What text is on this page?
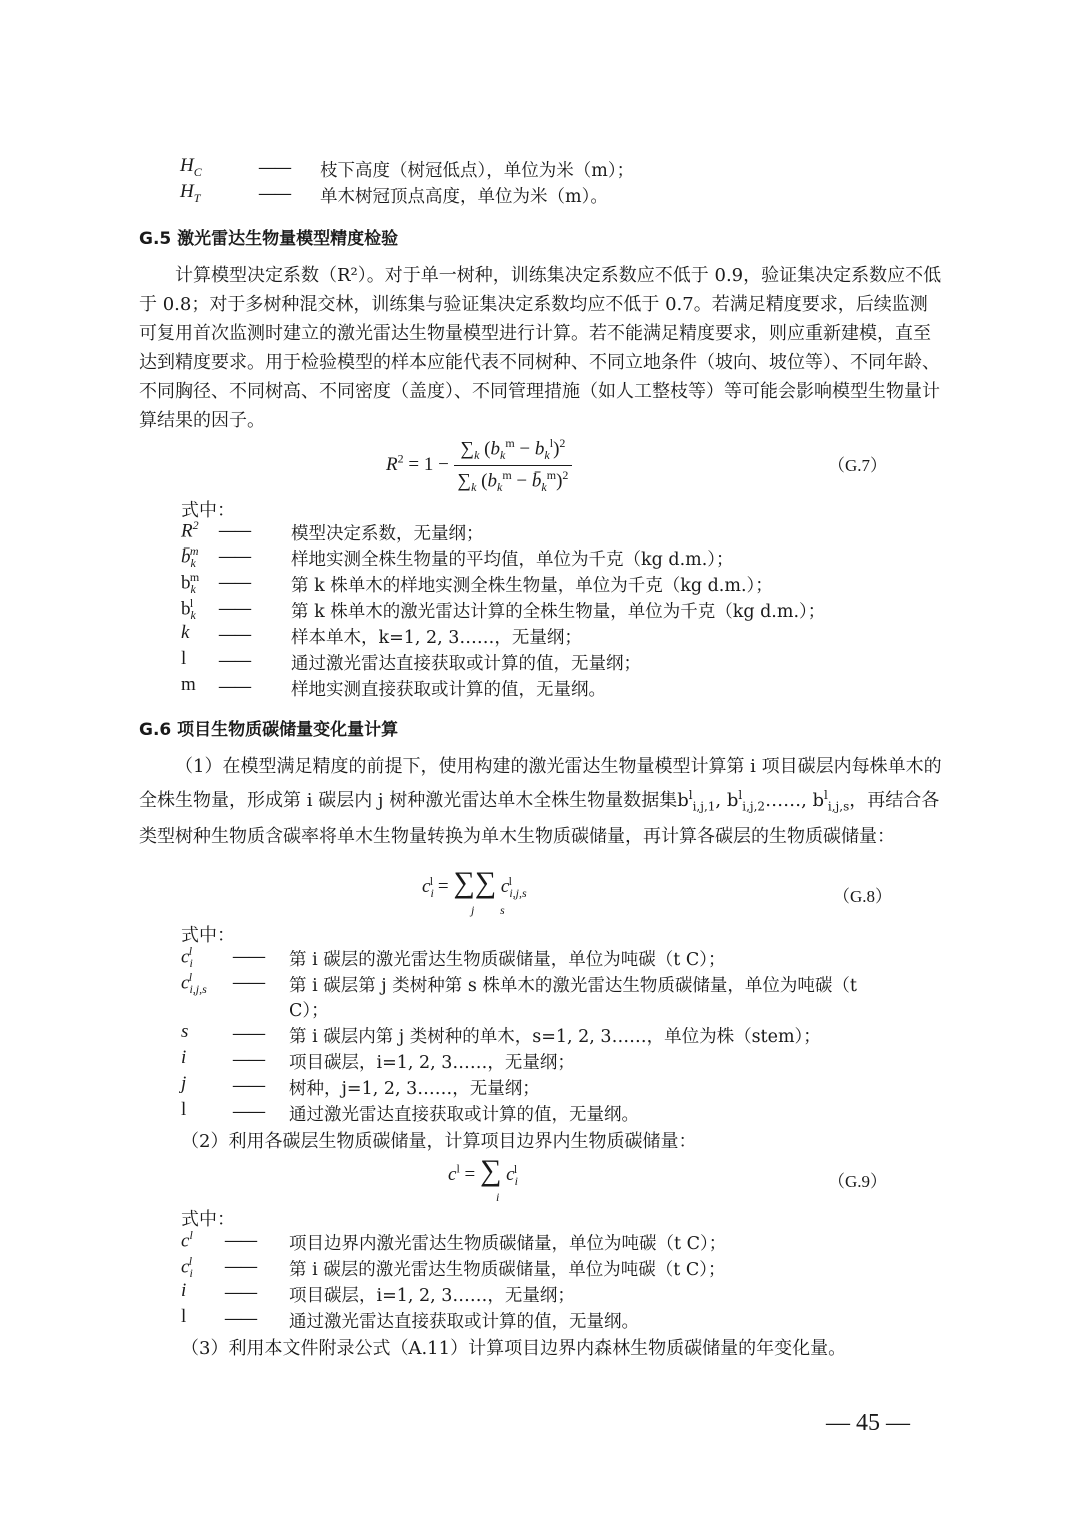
$H_C$	—— 枝下高度（树冠低点），单位为米（m）；
$H_T$	—— 单木树冠顶点高度，单位为米（m）。
G.5 激光雷达生物量模型精度检验

计算模型决定系数（R²）。对于单一树种，训练集决定系数应不低于 0.9，验证集决定系数应不低于 0.8；对于多树种混交林，训练集与验证集决定系数均应不低于 0.7。若满足精度要求，后续监测可复用首次监测时建立的激光雷达生物量模型进行计算。若不能满足精度要求，则应重新建模，直至达到精度要求。用于检验模型的样本应能代表不同树种、不同立地条件（坡向、坡位等）、不同年龄、不同胸径、不同树高、不同密度（盖度）、不同管理措施（如人工整枝等）等可能会影响模型生物量计算结果的因子。

$R^2 = 1 - \frac{\sum_k (b_k^m - b_k^l)^2}{\sum_k (b_k^m - b̄_k^m)^2}$	（G.7）
式中：
$R^2$ —— 模型决定系数，无量纲；
$b̄_k^m$ —— 样地实测全株生物量的平均值，单位为千克（kg d.m.）；
$b_k^m$ —— 第 k 株单木的样地实测全株生物量，单位为千克（kg d.m.）；
$b_k^l$ —— 第 k 株单木的激光雷达计算的全株生物量，单位为千克（kg d.m.）；
k —— 样本单木，k=1, 2, 3……，无量纲；
l —— 通过激光雷达直接获取或计算的值，无量纲；
m —— 样地实测直接获取或计算的值，无量纲。
G.6 项目生物质碳储量变化量计算

（1）在模型满足精度的前提下，使用构建的激光雷达生物量模型计算第 i 项目碳层内每株单木的全株生物量，形成第 i 碳层内 j 树种激光雷达单木全株生物量数据集$b^l_{i,j,1}$, $b^l_{i,j,2}\dots\dots$, $b^l_{i,j,s}$，再结合各类型树种生物质含碳率将单木生物量转换为单木生物质碳储量，再计算各碳层的生物质碳储量：

$c_i^l$ = ∑∑ $c_{i,j,s}^l$
j s
（G.8）
式中：
$c_i^l$ —— 第 i 碳层的激光雷达生物质碳储量，单位为吨碳（t C）；
$c_{i,j,s}^l$ —— 第 i 碳层第 j 类树种第 s 株单木的激光雷达生物质碳储量，单位为吨碳（t
C）；
s —— 第 i 碳层内第 j 类树种的单木，s=1, 2, 3……，单位为株（stem）；
i	—— 项目碳层，i=1, 2, 3……，无量纲；
j	—— 树种，j=1, 2, 3……，无量纲；
l	—— 通过激光雷达直接获取或计算的值，无量纲。
（2）利用各碳层生物质碳储量，计算项目边界内生物质碳储量：
$c^l$ = ∑ $c_i^l$
i
（G.9）
式中：
$c^l$ —— 项目边界内激光雷达生物质碳储量，单位为吨碳（t C）；
$c_i^l$ —— 第 i 碳层的激光雷达生物质碳储量，单位为吨碳（t C）；
i —— 项目碳层，i=1, 2, 3……，无量纲；
l —— 通过激光雷达直接获取或计算的值，无量纲。
（3）利用本文件附录公式（A.11）计算项目边界内森林生物质碳储量的年变化量。
— 45 —
